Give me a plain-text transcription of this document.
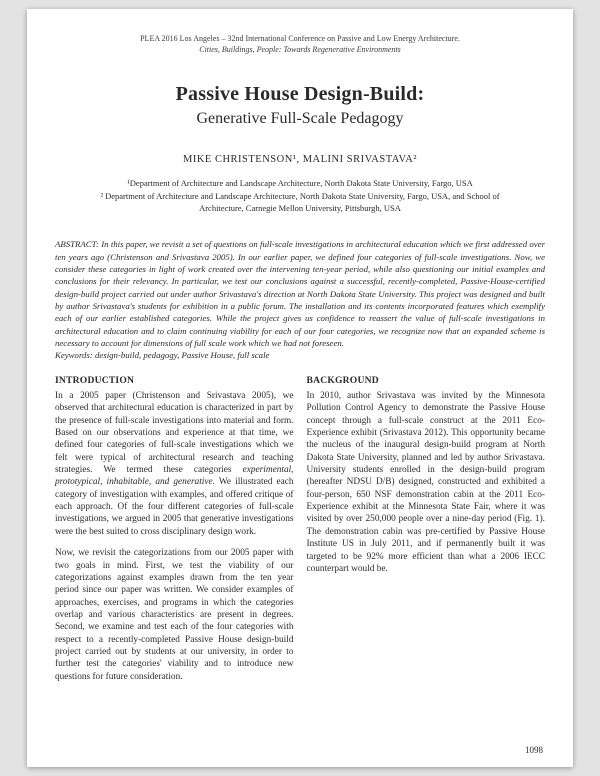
PLEA 2016 Los Angeles – 32nd International Conference on Passive and Low Energy Architecture.
Cities, Buildings, People: Towards Regenerative Environments
Passive House Design-Build:
Generative Full-Scale Pedagogy
MIKE CHRISTENSON¹, MALINI SRIVASTAVA²
¹Department of Architecture and Landscape Architecture, North Dakota State University, Fargo, USA
² Department of Architecture and Landscape Architecture, North Dakota State University, Fargo, USA, and School of Architecture, Carnegie Mellon University, Pittsburgh, USA

ABSTRACT: In this paper, we revisit a set of questions on full-scale investigations in architectural education which we first addressed over ten years ago (Christenson and Srivastava 2005). In our earlier paper, we defined four categories of full-scale investigations. Now, we consider these categories in light of work created over the intervening ten-year period, while also questioning our initial examples and conclusions for their relevancy. In particular, we test our conclusions against a successful, recently-completed, Passive-House-certified design-build project carried out under author Srivastava's direction at North Dakota State University. This project was designed and built by author Srivastava's students for exhibition in a public forum. The installation and its contents incorporated features which exemplify each of our earlier established categories. While the project gives us confidence to reassert the value of full-scale investigations in architectural education and to claim continuing viability for each of our four categories, we recognize now that an expanded scheme is necessary to account for dimensions of full scale work which we had not foreseen.

Keywords: design-build, pedagogy, Passive House, full scale

INTRODUCTION

In a 2005 paper (Christenson and Srivastava 2005), we observed that architectural education is characterized in part by the presence of full-scale investigations into material and form. Based on our observations and experience at that time, we defined four categories of full-scale investigations which we felt were typical of architectural research and teaching strategies. We termed these categories experimental, prototypical, inhabitable, and generative. We illustrated each category of investigation with examples, and offered critique of each approach. Of the four different categories of full-scale investigations, we argued in 2005 that generative investigations were the best suited to cross disciplinary design work.

Now, we revisit the categorizations from our 2005 paper with two goals in mind. First, we test the viability of our categorizations against examples drawn from the ten year period since our paper was written. We consider examples of approaches, exercises, and programs in which the categories overlap and various characteristics are present in degrees. Second, we examine and test each of the four categories with respect to a recently-completed Passive House design-build project carried out by students at our university, in order to further test the categories' viability and to introduce new questions for future consideration.

BACKGROUND

In 2010, author Srivastava was invited by the Minnesota Pollution Control Agency to demonstrate the Passive House concept through a full-scale construct at the 2011 Eco-Experience exhibit (Srivastava 2012). This opportunity became the nucleus of the inaugural design-build program at North Dakota State University, planned and led by author Srivastava. University students enrolled in the design-build program (hereafter NDSU D/B) designed, constructed and exhibited a four-person, 650 NSF demonstration cabin at the 2011 Eco-Experience exhibit at the Minnesota State Fair, where it was visited by over 250,000 people over a nine-day period (Fig. 1). The demonstration cabin was pre-certified by Passive House Institute US in July 2011, and if permanently built it was targeted to be 92% more efficient than what a 2006 IECC counterpart would be.

1098
